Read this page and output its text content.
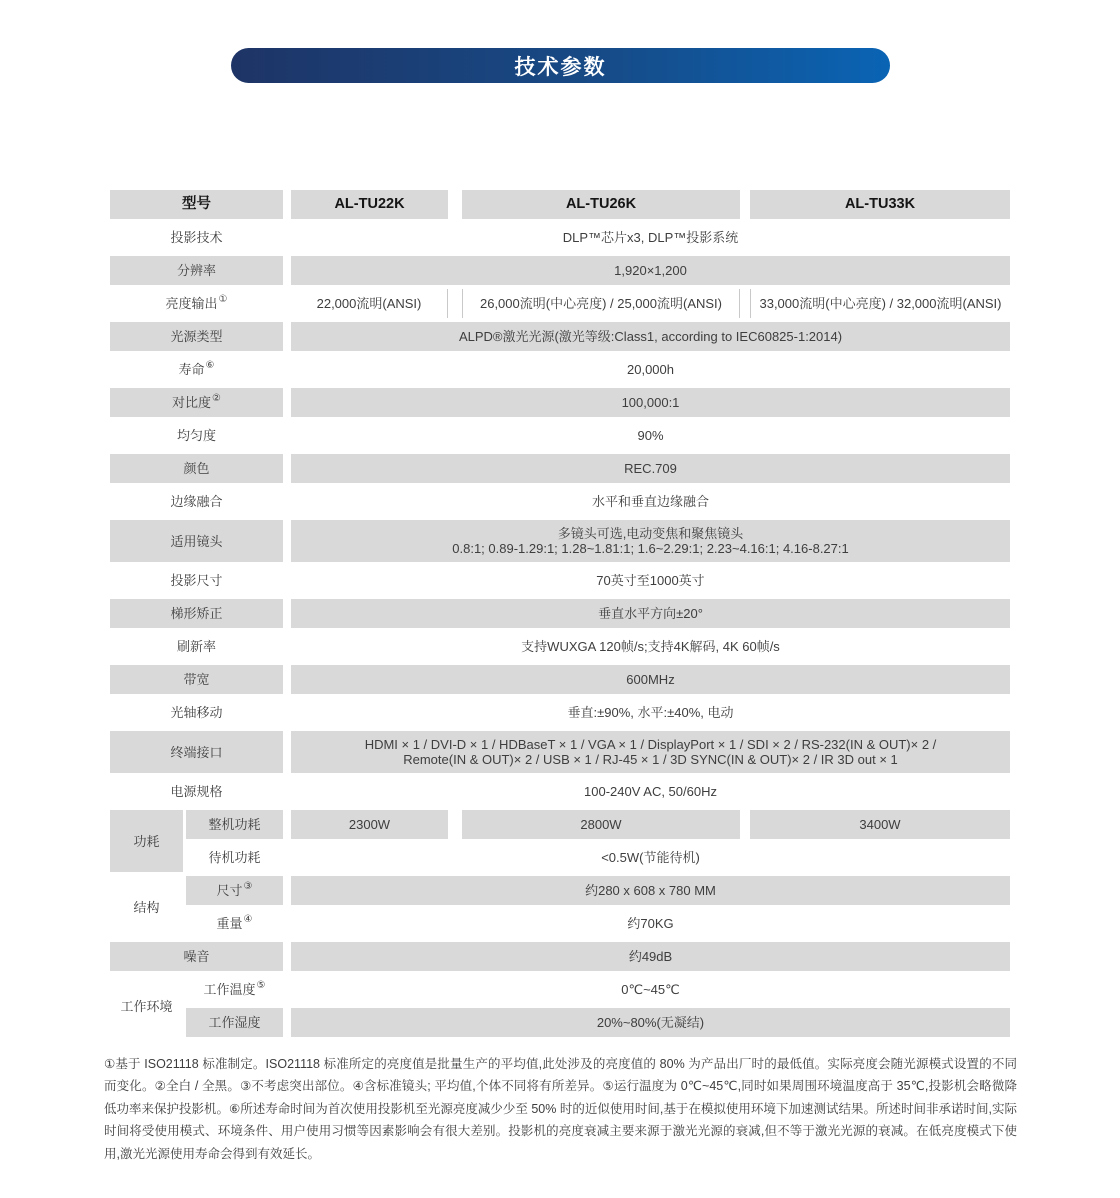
技术参数
型号	AL-TU22K	AL-TU26K	AL-TU33K
投影技术	DLP™芯片x3, DLP™投影系统
分辨率	1,920×1,200
亮度输出 ①	22,000流明(ANSI)	26,000流明(中心亮度) / 25,000流明(ANSI)	33,000流明(中心亮度) / 32,000流明(ANSI)
光源类型	ALPD®激光光源(激光等级:Class1, according to IEC60825-1:2014)
寿命 ⑥	20,000h
对比度 ②	100,000:1
均匀度	90%
颜色	REC.709
边缘融合	水平和垂直边缘融合
适用镜头	多镜头可选,电动变焦和聚焦镜头
0.8:1; 0.89-1.29:1; 1.28~1.81:1; 1.6~2.29:1; 2.23~4.16:1; 4.16-8.27:1
投影尺寸	70英寸至1000英寸
梯形矫正	垂直水平方向±20°
刷新率	支持WUXGA 120帧/s;支持4K解码, 4K 60帧/s
带宽	600MHz
光轴移动	垂直:±90%, 水平:±40%, 电动
终端接口	HDMI × 1 / DVI-D × 1 / HDBaseT × 1 / VGA × 1 / DisplayPort × 1 / SDI × 2 / RS-232(IN & OUT)× 2 /
Remote(IN & OUT)× 2 / USB × 1 / RJ-45 × 1 / 3D SYNC(IN & OUT)× 2 / IR 3D out × 1
电源规格	100-240V AC, 50/60Hz
功耗
整机功耗	2300W	2800W	3400W
待机功耗	<0.5W(节能待机)
结构
尺寸 ③	约280 x 608 x 780 MM
重量 ④	约70KG
噪音	约49dB
工作环境
工作温度 ⑤	0℃~45℃
工作湿度	20%~80%(无凝结)
①基于 ISO21118 标准制定。ISO21118 标准所定的亮度值是批量生产的平均值,此处涉及的亮度值的 80% 为产品出厂时的最低值。实际亮度会随光源模式设置的不同而变化。②全白 / 全黑。③不考虑突出部位。④含标准镜头; 平均值,个体不同将有所差异。⑤运行温度为 0℃~45℃,同时如果周围环境温度高于 35℃,投影机会略微降低功率来保护投影机。⑥所述寿命时间为首次使用投影机至光源亮度减少少至 50% 时的近似使用时间,基于在模拟使用环境下加速测试结果。所述时间非承诺时间,实际时间将受使用模式、环境条件、用户使用习惯等因素影响会有很大差别。投影机的亮度衰减主要来源于激光光源的衰减,但不等于激光光源的衰减。在低亮度模式下使用,激光光源使用寿命会得到有效延长。
